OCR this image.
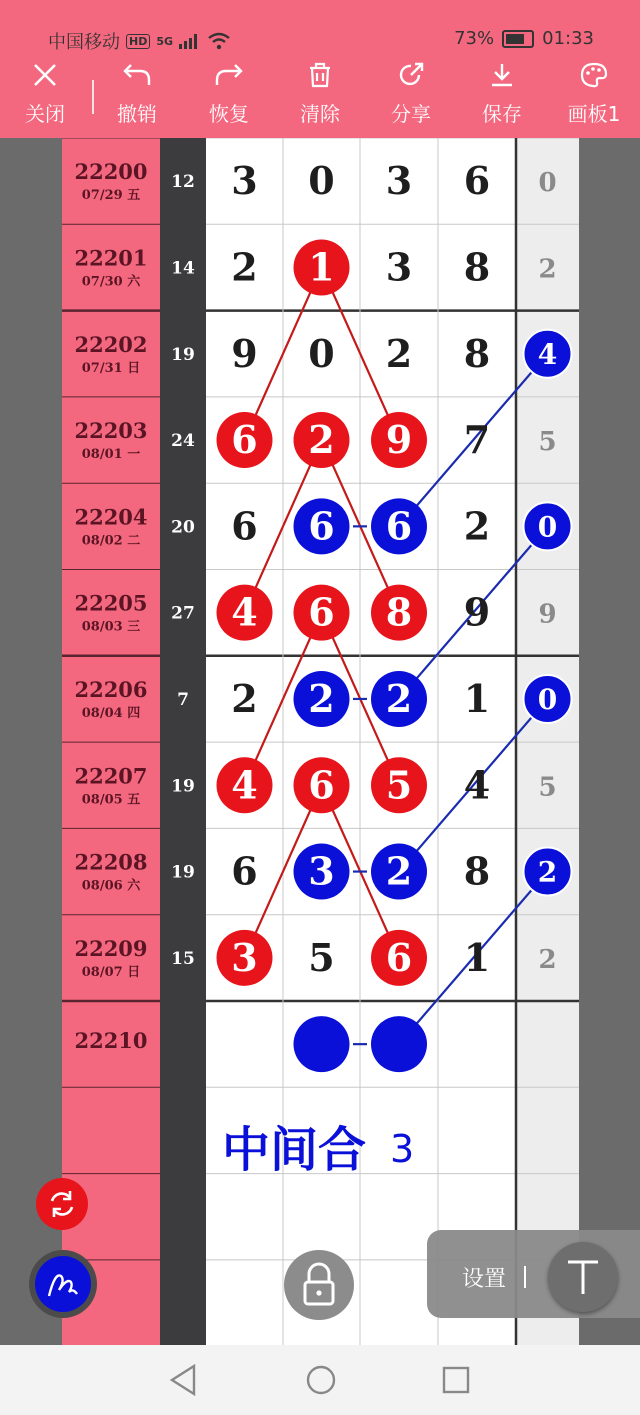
中国移动 HD 5G	73%	01:33
关闭	撤销	恢复	清除	分享	保存 画板1
22200
07/29 五
12 3 0 3 6 0
22201
07/30 六
14 2 1 3 8 2
22202
07/31 日
19 9 0 2 8 4
22203
08/01 一
24 6 2 9 7 5
22204
08/02 二
20 6 6 6 2 0
22205
08/03 三
27 4 6 8 9 9
22206
08/04 四
7 2 2 2 1 0
22207
08/05 五
19 4 6 5 4 5
22208
08/06 六
19 6 3 2 8 2
22209
08/07 日
15 3 5 6 1 2
22210
中间合 3
设置
